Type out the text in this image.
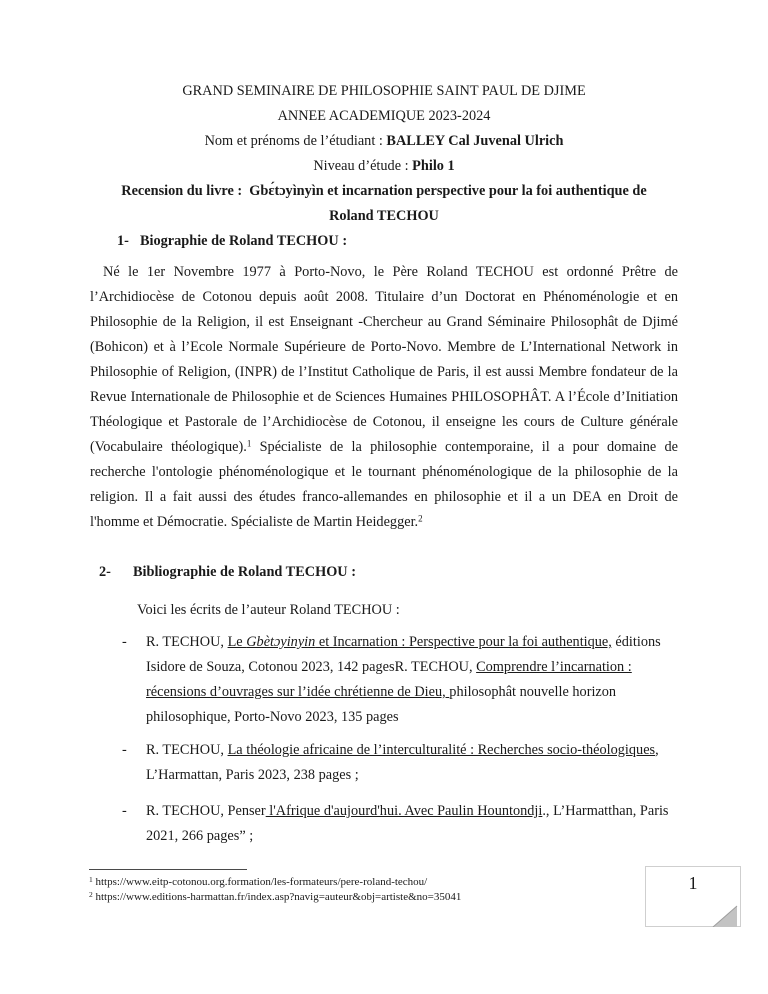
GRAND SEMINAIRE DE PHILOSOPHIE SAINT PAUL DE DJIME
ANNEE ACADEMIQUE 2023-2024
Nom et prénoms de l’étudiant : BALLEY Cal Juvenal Ulrich
Niveau d’étude : Philo 1
Recension du livre :  Gbɛ́tɔyìnyìn et incarnation perspective pour la foi authentique de
Roland TECHOU
1- Biographie de Roland TECHOU :

Né le 1er Novembre 1977 à Porto-Novo, le Père Roland TECHOU est ordonné Prêtre de l’Archidiocèse de Cotonou depuis août 2008. Titulaire d’un Doctorat en Phénoménologie et en Philosophie de la Religion, il est Enseignant -Chercheur au Grand Séminaire Philosophât de Djimé (Bohicon) et à l’Ecole Normale Supérieure de Porto-Novo. Membre de L’International Network in Philosophie of Religion, (INPR) de l’Institut Catholique de Paris, il est aussi Membre fondateur de la Revue Internationale de Philosophie et de Sciences Humaines PHILOSOPHÂT. A l’École d’Initiation Théologique et Pastorale de l’Archidiocèse de Cotonou, il enseigne les cours de Culture générale (Vocabulaire théologique).$^1$ Spécialiste de la philosophie contemporaine, il a pour domaine de recherche l'ontologie phénoménologique et le tournant phénoménologique de la philosophie de la religion. Il a fait aussi des études franco-allemandes en philosophie et il a un DEA en Droit de l'homme et Démocratie. Spécialiste de Martin Heidegger.$^2$

2- Bibliographie de Roland TECHOU :
Voici les écrits de l’auteur Roland TECHOU :
- R. TECHOU, Le Gbètɔyinyin et Incarnation : Perspective pour la foi authentique, éditions Isidore de Souza, Cotonou 2023, 142 pagesR. TECHOU, Comprendre l’incarnation : récensions d’ouvrages sur l’idée chrétienne de Dieu, philosophât nouvelle horizon philosophique, Porto-Novo 2023, 135 pages
- R. TECHOU, La théologie africaine de l’interculturalité : Recherches socio-théologiques, L’Harmattan, Paris 2023, 238 pages ;
- R. TECHOU, Penser l'Afrique d'aujourd'hui. Avec Paulin Hountondji., L’Harmatthan, Paris 2021, 266 pages” ;
$^1$ https://www.eitp-cotonou.org.formation/les-formateurs/pere-roland-techou/
$^2$ https://www.editions-harmattan.fr/index.asp?navig=auteur&obj=artiste&no=35041
1
